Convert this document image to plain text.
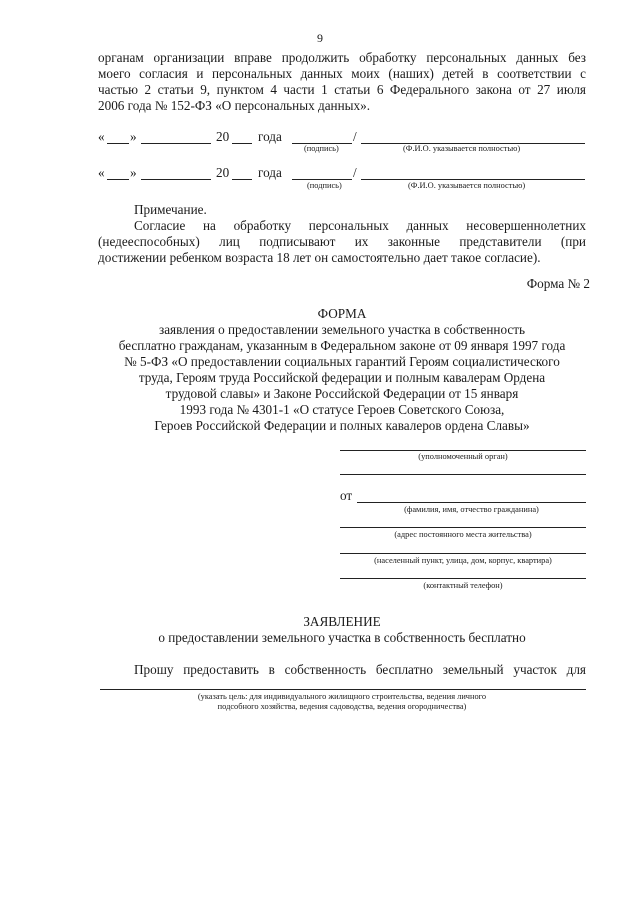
9
органам организации вправе продолжить обработку персональных данных без
моего согласия и персональных данных моих (наших) детей в соответствии с
частью 2 статьи 9, пунктом 4 части 1 статьи 6 Федерального закона от 27 июля
2006 года № 152-ФЗ «О персональных данных».
« »	20 года	/
(подпись)	(Ф.И.О. указывается полностью)
« »	20 года	/
(подпись)	(Ф.И.О. указывается полностью)
Примечание.
Согласие на обработку персональных данных несовершеннолетних
(недееспособных) лиц подписывают их законные представители (при
достижении ребенком возраста 18 лет он самостоятельно дает такое согласие).
Форма № 2
ФОРМА
заявления о предоставлении земельного участка в собственность
бесплатно гражданам, указанным в Федеральном законе от 09 января 1997 года
№ 5-ФЗ «О предоставлении социальных гарантий Героям социалистического
труда, Героям труда Российской федерации и полным кавалерам Ордена
трудовой славы» и Законе Российской Федерации от 15 января
1993 года № 4301-1 «О статусе Героев Советского Союза,
Героев Российской Федерации и полных кавалеров ордена Славы»
(уполномоченный орган)
от
(фамилия, имя, отчество гражданина)
(адрес постоянного места жительства)
(населенный пункт, улица, дом, корпус, квартира)
(контактный телефон)
ЗАЯВЛЕНИЕ
о предоставлении земельного участка в собственность бесплатно
Прошу предоставить в собственность бесплатно земельный участок для
(указать цель: для индивидуального жилищного строительства, ведения личного
подсобного хозяйства, ведения садоводства, ведения огородничества)
